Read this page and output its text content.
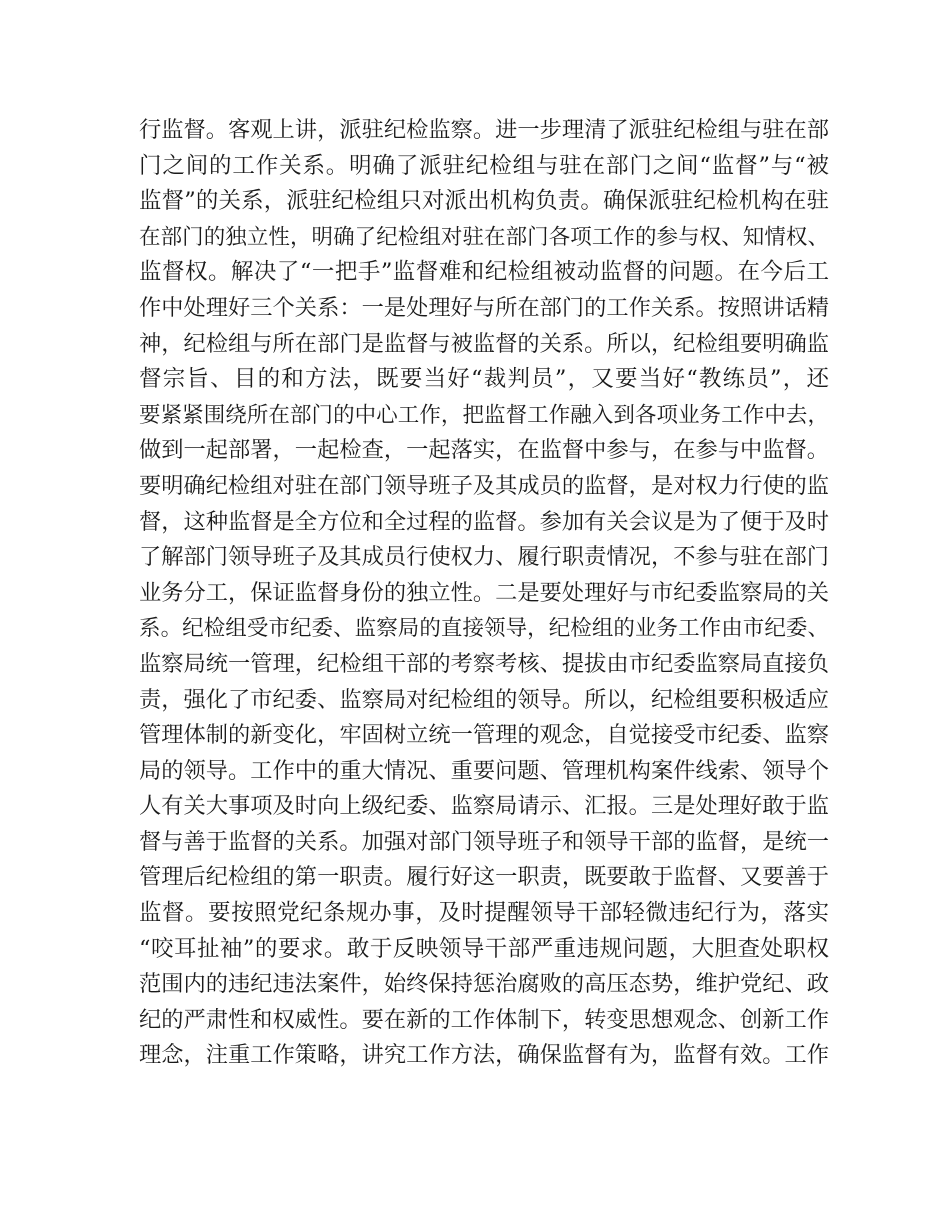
行监督。客观上讲，派驻纪检监察。进一步理清了派驻纪检组与驻在部
门之间的工作关系。明确了派驻纪检组与驻在部门之间“监督”与“被
监督”的关系，派驻纪检组只对派出机构负责。确保派驻纪检机构在驻
在部门的独立性，明确了纪检组对驻在部门各项工作的参与权、知情权、
监督权。解决了“一把手”监督难和纪检组被动监督的问题。在今后工
作中处理好三个关系：一是处理好与所在部门的工作关系。按照讲话精
神，纪检组与所在部门是监督与被监督的关系。所以，纪检组要明确监
督宗旨、目的和方法，既要当好“裁判员”，又要当好“教练员”，还
要紧紧围绕所在部门的中心工作，把监督工作融入到各项业务工作中去，
做到一起部署，一起检查，一起落实，在监督中参与，在参与中监督。
要明确纪检组对驻在部门领导班子及其成员的监督，是对权力行使的监
督，这种监督是全方位和全过程的监督。参加有关会议是为了便于及时
了解部门领导班子及其成员行使权力、履行职责情况，不参与驻在部门
业务分工，保证监督身份的独立性。二是要处理好与市纪委监察局的关
系。纪检组受市纪委、监察局的直接领导，纪检组的业务工作由市纪委、
监察局统一管理，纪检组干部的考察考核、提拔由市纪委监察局直接负
责，强化了市纪委、监察局对纪检组的领导。所以，纪检组要积极适应
管理体制的新变化，牢固树立统一管理的观念，自觉接受市纪委、监察
局的领导。工作中的重大情况、重要问题、管理机构案件线索、领导个
人有关大事项及时向上级纪委、监察局请示、汇报。三是处理好敢于监
督与善于监督的关系。加强对部门领导班子和领导干部的监督，是统一
管理后纪检组的第一职责。履行好这一职责，既要敢于监督、又要善于
监督。要按照党纪条规办事，及时提醒领导干部轻微违纪行为，落实
“咬耳扯袖”的要求。敢于反映领导干部严重违规问题，大胆查处职权
范围内的违纪违法案件，始终保持惩治腐败的高压态势，维护党纪、政
纪的严肃性和权威性。要在新的工作体制下，转变思想观念、创新工作
理念，注重工作策略，讲究工作方法，确保监督有为，监督有效。工作
